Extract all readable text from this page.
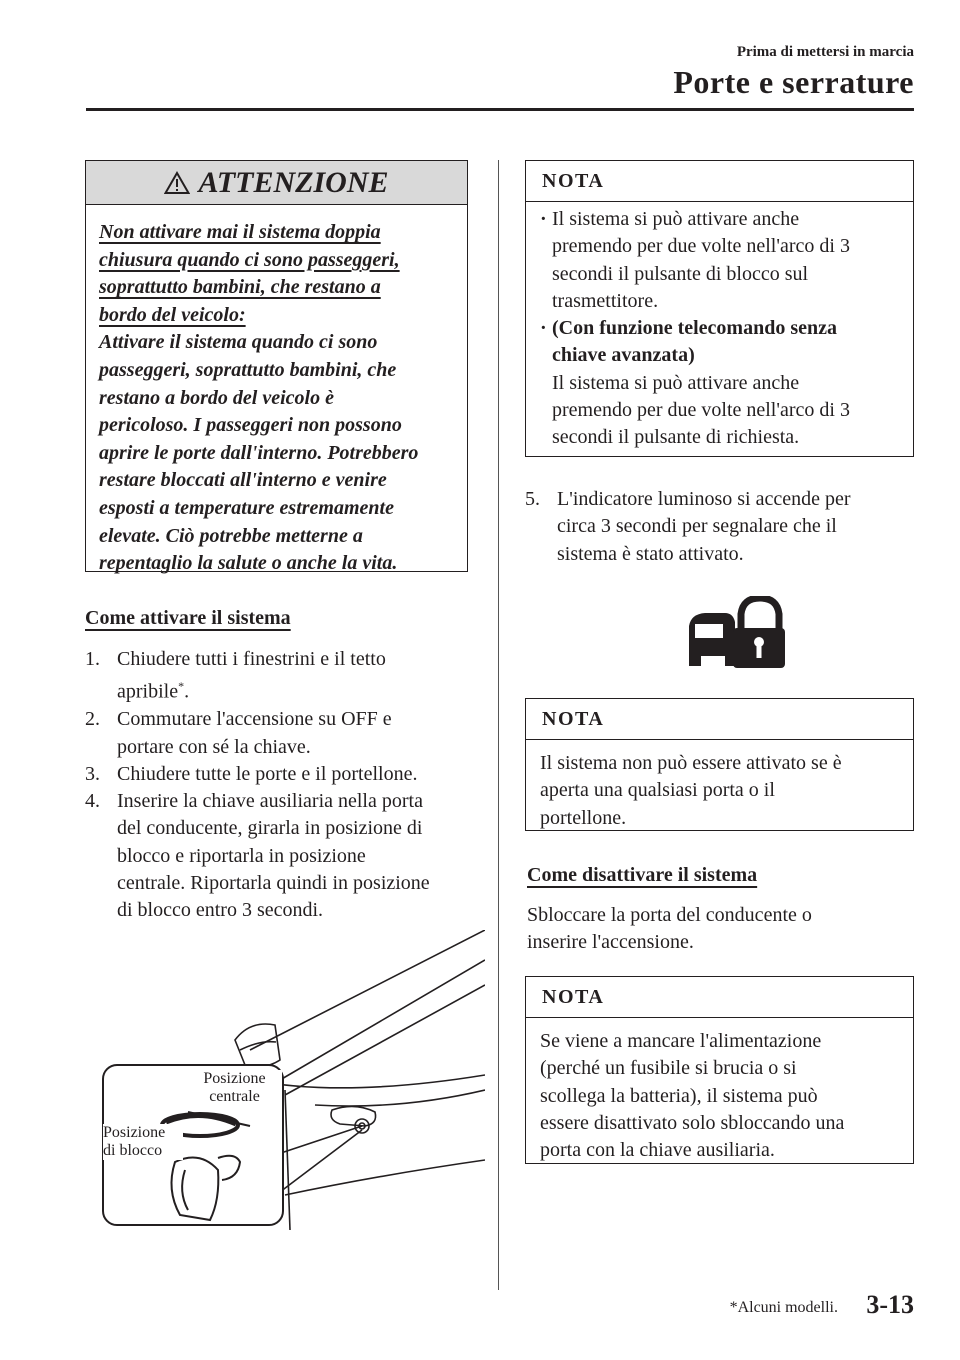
Prima di mettersi in marcia
Porte e serrature
ATTENZIONE
Non attivare mai il sistema doppia
chiusura quando ci sono passeggeri,
soprattutto bambini, che restano a
bordo del veicolo:
Attivare il sistema quando ci sono
passeggeri, soprattutto bambini, che
restano a bordo del veicolo è
pericoloso. I passeggeri non possono
aprire le porte dall'interno. Potrebbero
restare bloccati all'interno e venire
esposti a temperature estremamente
elevate. Ciò potrebbe metterne a
repentaglio la salute o anche la vita.
Come attivare il sistema
1. Chiudere tutti i finestrini e il tetto
apribile*.
2. Commutare l'accensione su OFF e
portare con sé la chiave.
3. Chiudere tutte le porte e il portellone.
4. Inserire la chiave ausiliaria nella porta
del conducente, girarla in posizione di
blocco e riportarla in posizione
centrale. Riportarla quindi in posizione
di blocco entro 3 secondi.
Posizione
centrale
Posizione
di blocco
NOTA
· Il sistema si può attivare anche
premendo per due volte nell'arco di 3
secondi il pulsante di blocco sul
trasmettitore.
· (Con funzione telecomando senza
chiave avanzata)
Il sistema si può attivare anche
premendo per due volte nell'arco di 3
secondi il pulsante di richiesta.
5. L'indicatore luminoso si accende per
circa 3 secondi per segnalare che il
sistema è stato attivato.
NOTA
Il sistema non può essere attivato se è
aperta una qualsiasi porta o il
portellone.
Come disattivare il sistema
Sbloccare la porta del conducente o
inserire l'accensione.
NOTA
Se viene a mancare l'alimentazione
(perché un fusibile si brucia o si
scollega la batteria), il sistema può
essere disattivato solo sbloccando una
porta con la chiave ausiliaria.
*Alcuni modelli. 3-13
